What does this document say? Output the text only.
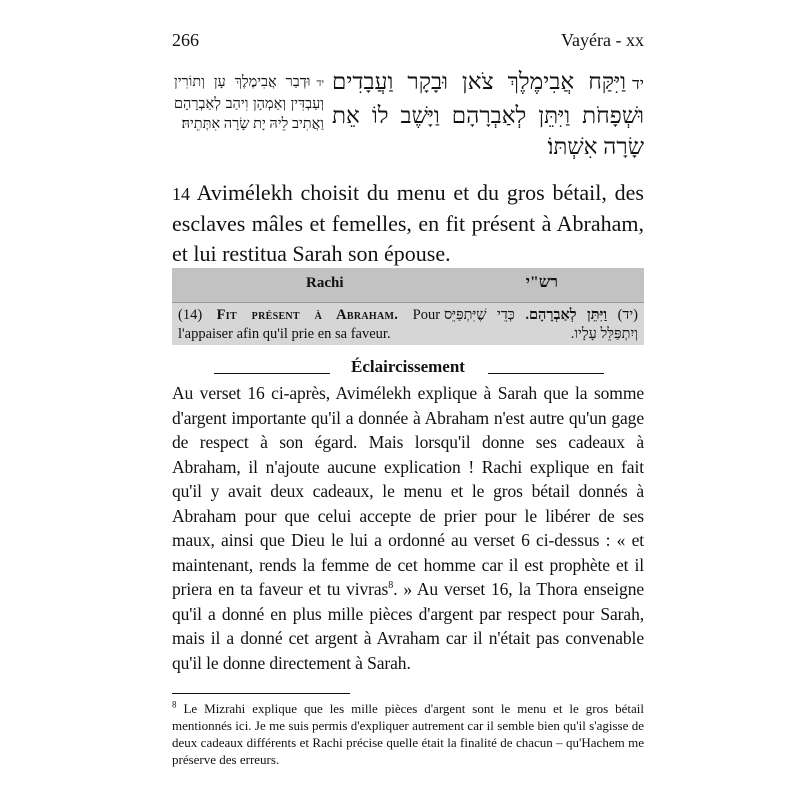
266	Vayéra - xx
ידוּדְבַר אֲבִימֶלֶךְ עָן וְתוֹרִין וְעַבְדִּין וְאַמְהָן וִיהַב לְאַבְרָהָם וַאֲתִיב לֵיהּ יָת שָׂרָה אִתְּתֵיהּ׃
ידוַיִּקַּח אֲבִימֶלֶךְ צֹאן וּבָקָר וַעֲבָדִים וּשְׁפָחֹת וַיִּתֵּן לְאַבְרָהָם וַיָּשֶׁב לוֹ אֵת שָׂרָה אִשְׁתּוֹ׃
14 Avimélekh choisit du menu et du gros bétail, des esclaves mâles et femelles, en fit présent à Abraham, et lui restitua Sarah son épouse.
Rachi	רש"י
(14) Fit présent à Abraham. Pour l'appaiser afin qu'il prie en sa faveur.
(יד) וַיִּתֵּן לְאַבְרָהָם. כְּדֵי שֶׁיִּתְפַּיֵּס וְיִתְפַּלֵּל עָלָיו.
Éclaircissement
Au verset 16 ci-après, Avimélekh explique à Sarah que la somme d'argent importante qu'il a donnée à Abraham n'est autre qu'un gage de respect à son égard. Mais lorsqu'il donne ses cadeaux à Abraham, il n'ajoute aucune explication ! Rachi explique en fait qu'il y avait deux cadeaux, le menu et le gros bétail donnés à Abraham pour que celui accepte de prier pour le libérer de ses maux, ainsi que Dieu le lui a ordonné au verset 6 ci-dessus : « et maintenant, rends la femme de cet homme car il est prophète et il priera en ta faveur et tu vivras$^8$. » Au verset 16, la Thora enseigne qu'il a donné en plus mille pièces d'argent par respect pour Sarah, mais il a donné cet argent à Avraham car il n'était pas convenable qu'il le donne directement à Sarah.
$^8$ Le Mizrahi explique que les mille pièces d'argent sont le menu et le gros bétail mentionnés ici. Je me suis permis d'expliquer autrement car il semble bien qu'il s'agisse de deux cadeaux différents et Rachi précise quelle était la finalité de chacun – qu'Hachem me préserve des erreurs.
